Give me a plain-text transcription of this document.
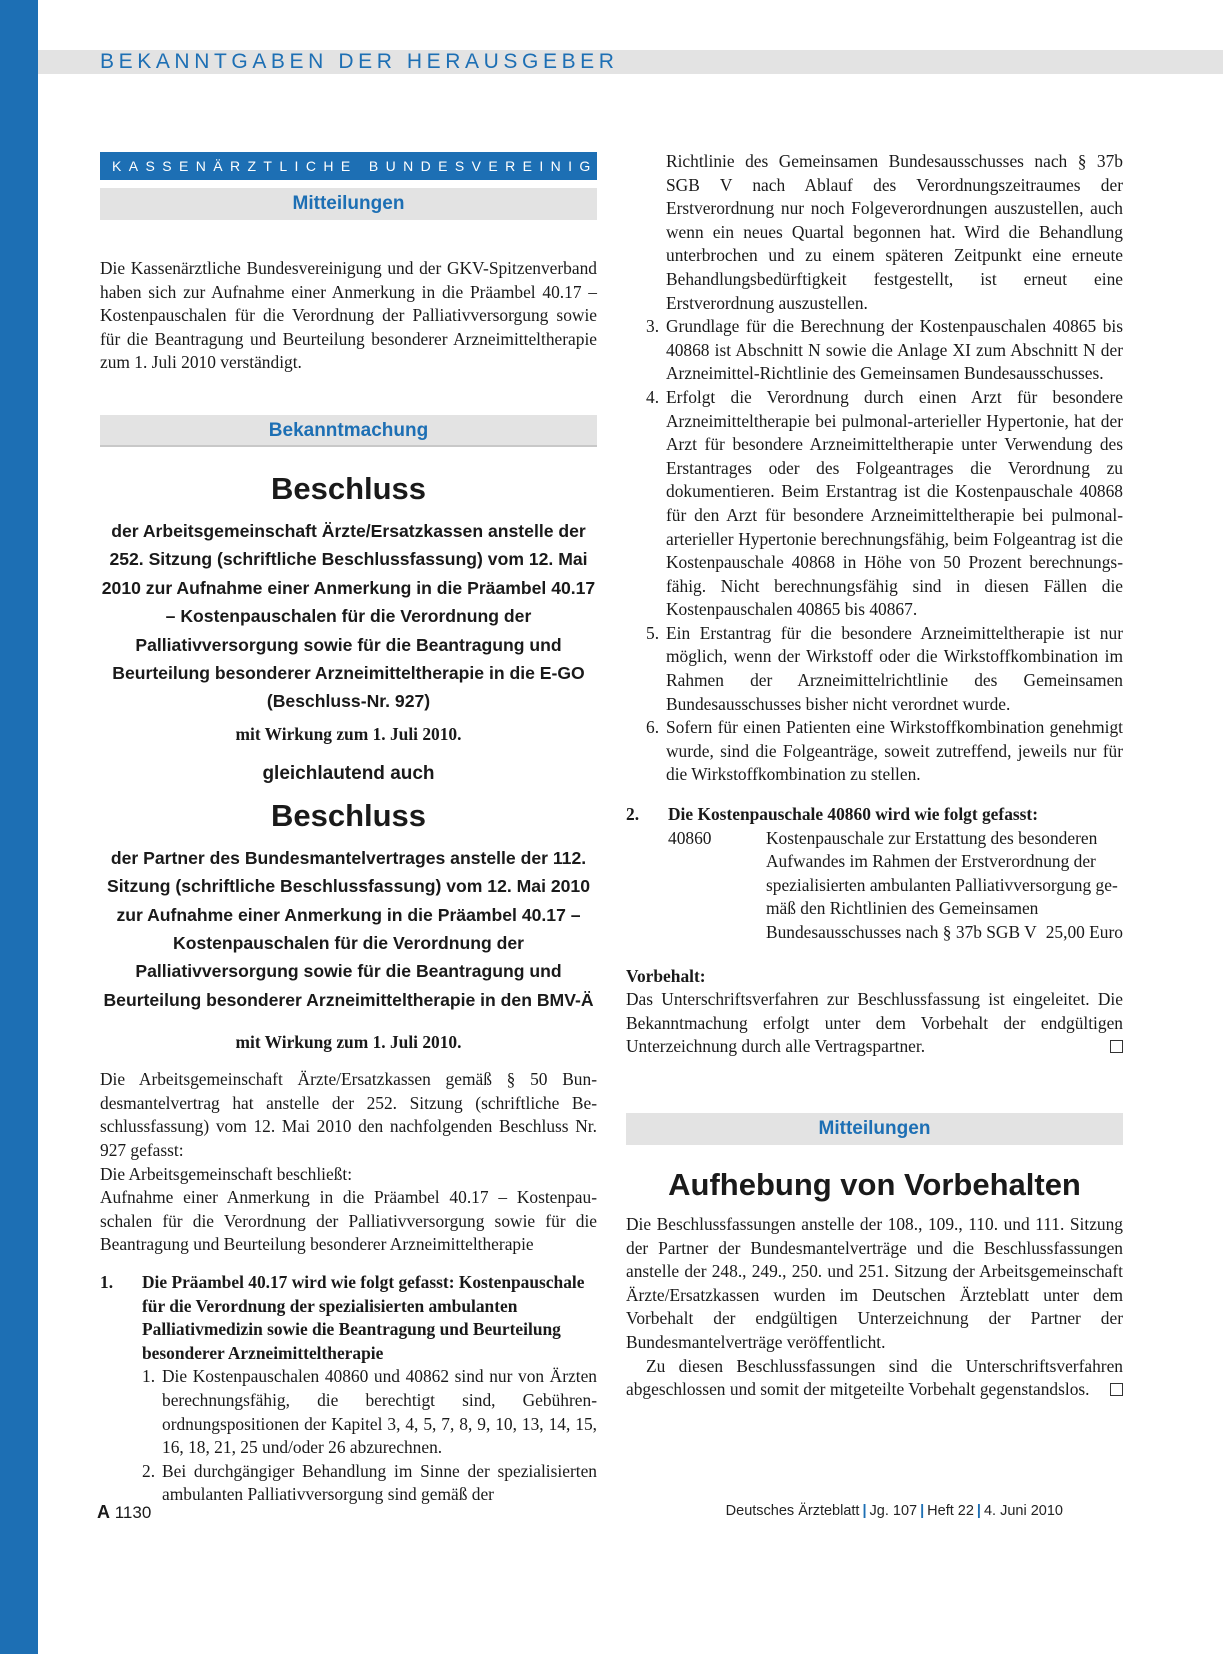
BEKANNTGABEN DER HERAUSGEBER
KASSENÄRZTLICHE BUNDESVEREINIGUNG
Mitteilungen

Die Kassenärztliche Bundesvereinigung und der GKV-Spitzenverband haben sich zur Aufnahme einer Anmerkung in die Präambel 40.17 – Kostenpauschalen für die Verordnung der Palliativversorgung sowie für die Beantragung und Beurteilung besonderer Arzneimitteltherapie zum 1. Juli 2010 verständigt.

Bekanntmachung
Beschluss
der Arbeitsgemeinschaft Ärzte/Ersatzkassen anstelle der 252. Sitzung (schriftliche Beschlussfassung) vom 12. Mai 2010 zur Aufnahme einer Anmerkung in die Präambel 40.17 – Kostenpauschalen für die Verordnung der Palliativversorgung sowie für die Beantragung und Beurteilung besonderer Arzneimitteltherapie in die E-GO (Beschluss-Nr. 927)
mit Wirkung zum 1. Juli 2010.
gleichlautend auch
Beschluss
der Partner des Bundesmantelvertrages anstelle der 112. Sitzung (schriftliche Beschlussfassung) vom 12. Mai 2010 zur Aufnahme einer Anmerkung in die Präambel 40.17 – Kostenpauschalen für die Verordnung der Palliativversorgung sowie für die Beantragung und Beurteilung besonderer Arzneimitteltherapie in den BMV-Ä
mit Wirkung zum 1. Juli 2010.

Die Arbeitsgemeinschaft Ärzte/Ersatzkassen gemäß § 50 Bundesmantelvertrag hat anstelle der 252. Sitzung (schriftliche Beschlussfassung) vom 12. Mai 2010 den nachfolgenden Beschluss Nr. 927 gefasst:

Die Arbeitsgemeinschaft beschließt:

Aufnahme einer Anmerkung in die Präambel 40.17 – Kostenpauschalen für die Verordnung der Palliativversorgung sowie für die Beantragung und Beurteilung besonderer Arzneimitteltherapie

1. Die Präambel 40.17 wird wie folgt gefasst: Kostenpauschale für die Verordnung der spezialisierten ambulanten Palliativmedizin sowie die Beantragung und Beurteilung besonderer Arzneimitteltherapie
1. Die Kostenpauschalen 40860 und 40862 sind nur von Ärzten berechnungsfähig, die berechtigt sind, Gebührenordnungspositionen der Kapitel 3, 4, 5, 7, 8, 9, 10, 13, 14, 15, 16, 18, 21, 25 und/oder 26 abzurechnen.
2. Bei durchgängiger Behandlung im Sinne der spezialisierten ambulanten Palliativversorgung sind gemäß der
Richtlinie des Gemeinsamen Bundesausschusses nach § 37b SGB V nach Ablauf des Verordnungszeitraumes der Erstverordnung nur noch Folgeverordnungen auszustellen, auch wenn ein neues Quartal begonnen hat. Wird die Behandlung unterbrochen und zu einem späteren Zeitpunkt eine erneute Behandlungsbedürftigkeit festgestellt, ist erneut eine Erstverordnung auszustellen.
3. Grundlage für die Berechnung der Kostenpauschalen 40865 bis 40868 ist Abschnitt N sowie die Anlage XI zum Abschnitt N der Arzneimittel-Richtlinie des Gemeinsamen Bundesausschusses.
4. Erfolgt die Verordnung durch einen Arzt für besondere Arzneimitteltherapie bei pulmonal-arterieller Hypertonie, hat der Arzt für besondere Arzneimitteltherapie unter Verwendung des Erstantrages oder des Folgeantrages die Verordnung zu dokumentieren. Beim Erstantrag ist die Kostenpauschale 40868 für den Arzt für besondere Arzneimitteltherapie bei pulmonal-arterieller Hypertonie berechnungsfähig, beim Folgeantrag ist die Kostenpauschale 40868 in Höhe von 50 Prozent berechnungsfähig. Nicht berechnungsfähig sind in diesen Fällen die Kostenpauschalen 40865 bis 40867.
5. Ein Erstantrag für die besondere Arzneimitteltherapie ist nur möglich, wenn der Wirkstoff oder die Wirkstoffkombination im Rahmen der Arzneimittelrichtlinie des Gemeinsamen Bundesausschusses bisher nicht verordnet wurde.
6. Sofern für einen Patienten eine Wirkstoffkombination genehmigt wurde, sind die Folgeanträge, soweit zutreffend, jeweils nur für die Wirkstoffkombination zu stellen.
2. Die Kostenpauschale 40860 wird wie folgt gefasst:
40860	Kostenpauschale zur Erstattung des besonderen Aufwandes im Rahmen der Erstverordnung der spezialisierten ambulanten Palliativversorgung gemäß den Richtlinien des Gemeinsamen Bundesausschusses nach § 37b SGB V 25,00 Euro
Vorbehalt:

Das Unterschriftsverfahren zur Beschlussfassung ist eingeleitet. Die Bekanntmachung erfolgt unter dem Vorbehalt der endgültigen Unterzeichnung durch alle Vertragspartner.

Mitteilungen
Aufhebung von Vorbehalten

Die Beschlussfassungen anstelle der 108., 109., 110. und 111. Sitzung der Partner der Bundesmantelverträge und die Beschlussfassungen anstelle der 248., 249., 250. und 251. Sitzung der Arbeitsgemeinschaft Ärzte/Ersatzkassen wurden im Deutschen Ärzteblatt unter dem Vorbehalt der endgültigen Unterzeichnung der Partner der Bundesmantelverträge veröffentlicht.

Zu diesen Beschlussfassungen sind die Unterschriftsverfahren abgeschlossen und somit der mitgeteilte Vorbehalt gegenstandslos.

A 1130	Deutsches Ärzteblatt | Jg. 107 | Heft 22 | 4. Juni 2010
